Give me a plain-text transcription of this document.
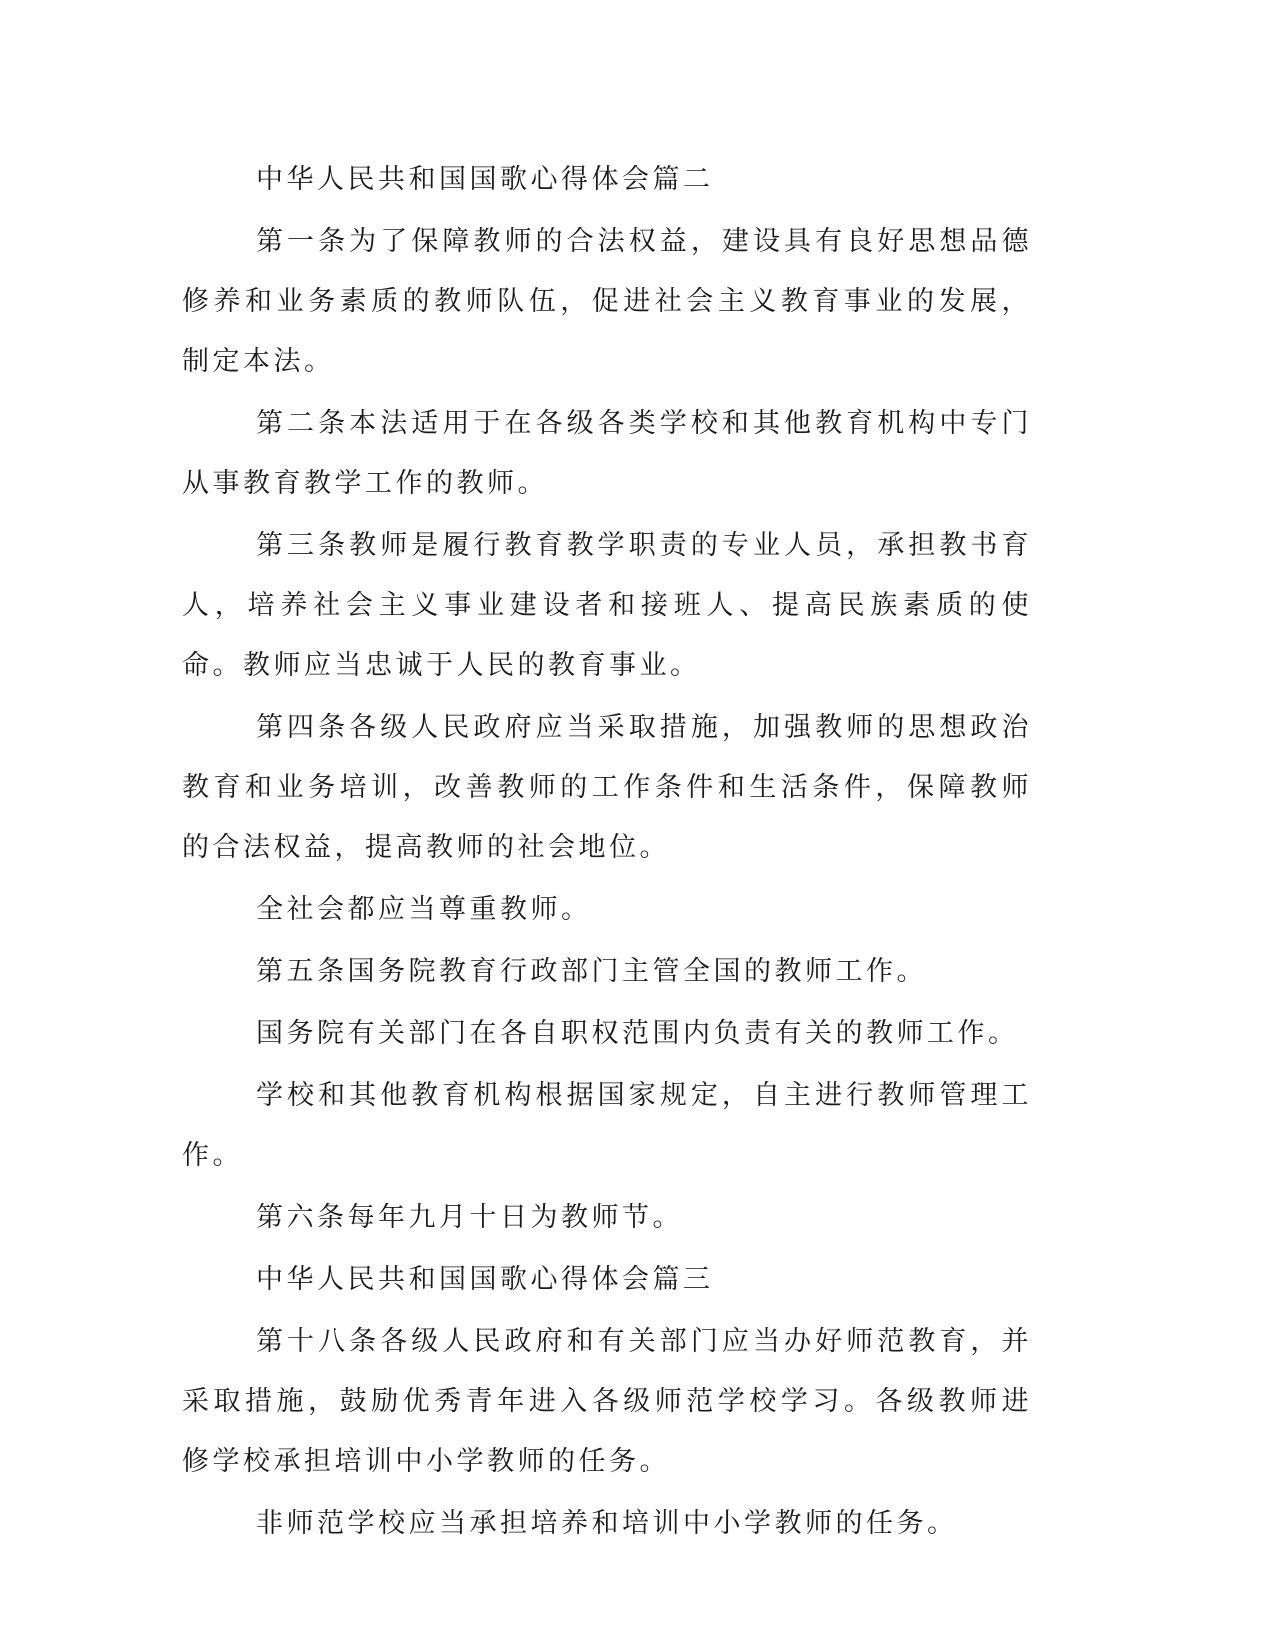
中华人民共和国国歌心得体会篇二

第一条为了保障教师的合法权益，建设具有良好思想品德修养和业务素质的教师队伍，促进社会主义教育事业的发展，制定本法。

第二条本法适用于在各级各类学校和其他教育机构中专门从事教育教学工作的教师。

第三条教师是履行教育教学职责的专业人员，承担教书育人，培养社会主义事业建设者和接班人、提高民族素质的使命。教师应当忠诚于人民的教育事业。

第四条各级人民政府应当采取措施，加强教师的思想政治教育和业务培训，改善教师的工作条件和生活条件，保障教师的合法权益，提高教师的社会地位。

全社会都应当尊重教师。

第五条国务院教育行政部门主管全国的教师工作。

国务院有关部门在各自职权范围内负责有关的教师工作。

学校和其他教育机构根据国家规定，自主进行教师管理工作。

第六条每年九月十日为教师节。

中华人民共和国国歌心得体会篇三

第十八条各级人民政府和有关部门应当办好师范教育，并采取措施，鼓励优秀青年进入各级师范学校学习。各级教师进修学校承担培训中小学教师的任务。

非师范学校应当承担培养和培训中小学教师的任务。
